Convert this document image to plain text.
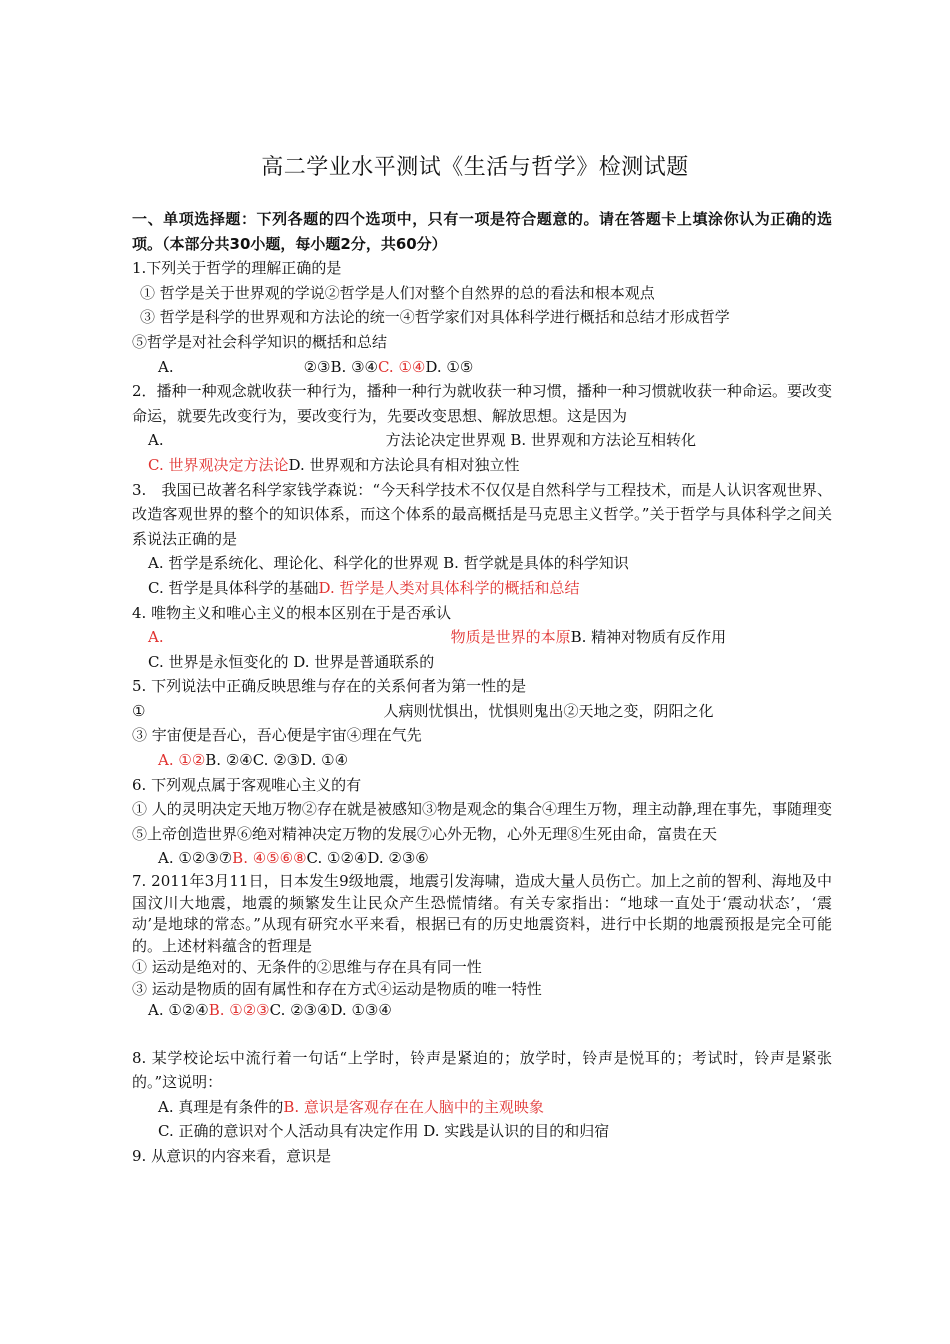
高二学业水平测试《生活与哲学》检测试题
一、单项选择题：下列各题的四个选项中，只有一项是符合题意的。请在答题卡上填涂你认为正确的选项。（本部分共30小题，每小题2分，共60分）
1.下列关于哲学的理解正确的是
① 哲学是关于世界观的学说②哲学是人们对整个自然界的总的看法和根本观点
③ 哲学是科学的世界观和方法论的统一④哲学家们对具体科学进行概括和总结才形成哲学
⑤哲学是对社会科学知识的概括和总结
A.	②③B. ③④C. ①④D. ①⑤
2．播种一种观念就收获一种行为，播种一种行为就收获一种习惯，播种一种习惯就收获一种命运。要改变命运，就要先改变行为，要改变行为，先要改变思想、解放思想。这是因为
A.	方法论决定世界观 B. 世界观和方法论互相转化
C. 世界观决定方法论D. 世界观和方法论具有相对独立性
3.　我国已故著名科学家钱学森说：“今天科学技术不仅仅是自然科学与工程技术，而是人认识客观世界、改造客观世界的整个的知识体系，而这个体系的最高概括是马克思主义哲学。”关于哲学与具体科学之间关系说法正确的是
A. 哲学是系统化、理论化、科学化的世界观 B. 哲学就是具体的科学知识
C. 哲学是具体科学的基础D. 哲学是人类对具体科学的概括和总结
4. 唯物主义和唯心主义的根本区别在于是否承认
A.	物质是世界的本原B. 精神对物质有反作用
C. 世界是永恒变化的 D. 世界是普通联系的
5. 下列说法中正确反映思维与存在的关系何者为第一性的是
①	人病则忧惧出，忧惧则鬼出②天地之变，阴阳之化
③ 宇宙便是吾心，吾心便是宇宙④理在气先
A. ①②B. ②④C. ②③D. ①④
6. 下列观点属于客观唯心主义的有
① 人的灵明决定天地万物②存在就是被感知③物是观念的集合④理生万物，理主动静,理在事先，事随理变⑤上帝创造世界⑥绝对精神决定万物的发展⑦心外无物，心外无理⑧生死由命，富贵在天
A. ①②③⑦B. ④⑤⑥⑧C. ①②④D. ②③⑥
7. 2011年3月11日，日本发生9级地震，地震引发海啸，造成大量人员伤亡。加上之前的智利、海地及中国汶川大地震，地震的频繁发生让民众产生恐慌情绪。有关专家指出：“地球一直处于‘震动状态’，‘震动’是地球的常态。”从现有研究水平来看，根据已有的历史地震资料，进行中长期的地震预报是完全可能的。上述材料蕴含的哲理是
① 运动是绝对的、无条件的②思维与存在具有同一性
③ 运动是物质的固有属性和存在方式④运动是物质的唯一特性
A. ①②④B. ①②③C. ②③④D. ①③④
8. 某学校论坛中流行着一句话“上学时，铃声是紧迫的；放学时，铃声是悦耳的；考试时，铃声是紧张的。”这说明：
A. 真理是有条件的B. 意识是客观存在在人脑中的主观映象
C. 正确的意识对个人活动具有决定作用 D. 实践是认识的目的和归宿
9. 从意识的内容来看，意识是
